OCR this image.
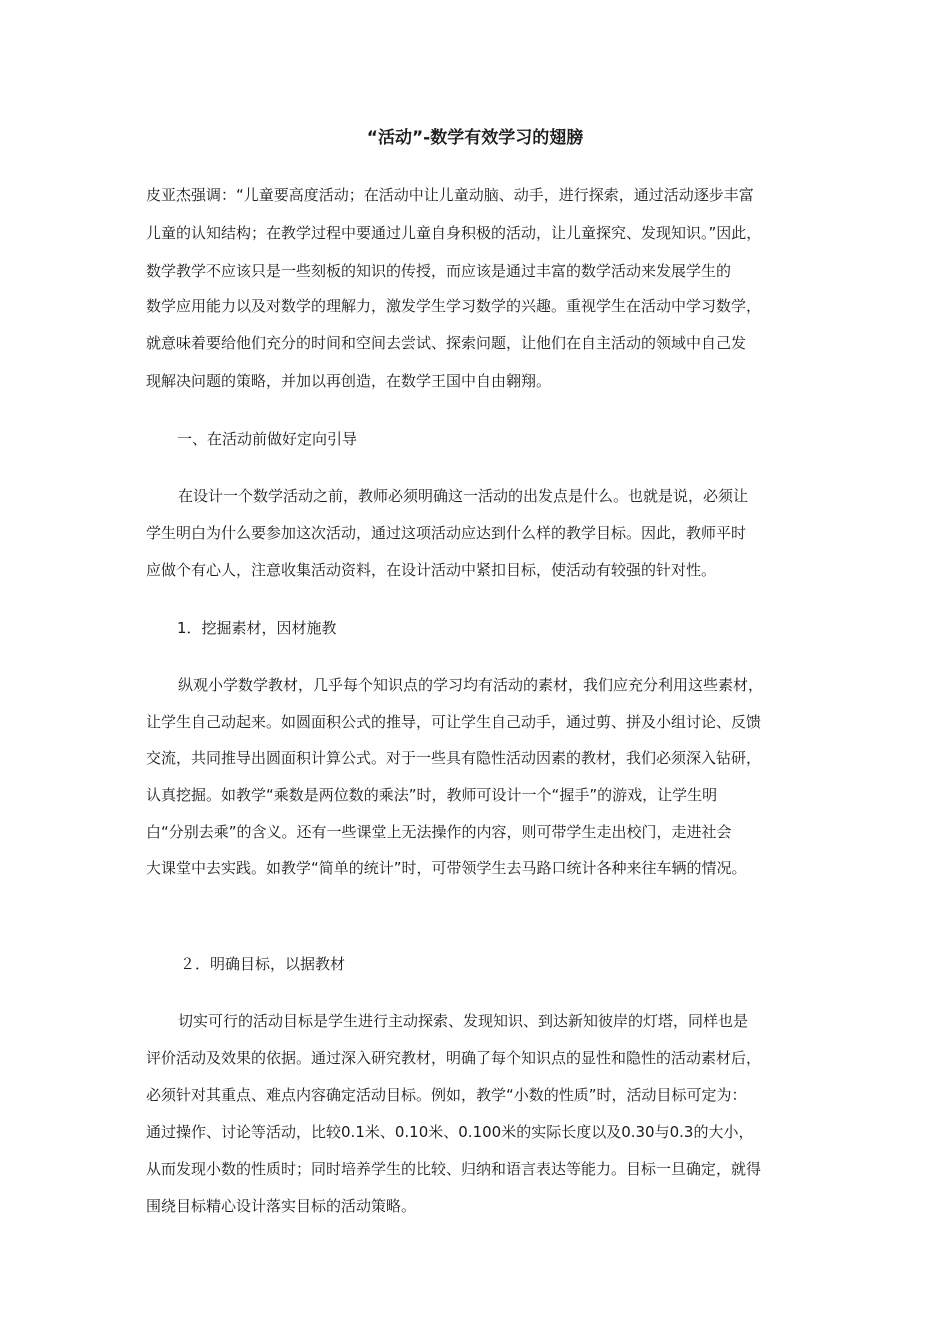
“活动”-数学有效学习的翅膀
皮亚杰强调：“儿童要高度活动；在活动中让儿童动脑、动手，进行探索，通过活动逐步丰富
儿童的认知结构；在教学过程中要通过儿童自身积极的活动，让儿童探究、发现知识。”因此，
数学教学不应该只是一些刻板的知识的传授，而应该是通过丰富的数学活动来发展学生的
数学应用能力以及对数学的理解力，激发学生学习数学的兴趣。重视学生在活动中学习数学，
就意味着要给他们充分的时间和空间去尝试、探索问题，让他们在自主活动的领域中自己发
现解决问题的策略，并加以再创造，在数学王国中自由翱翔。
一、在活动前做好定向引导
在设计一个数学活动之前，教师必须明确这一活动的出发点是什么。也就是说，必须让
学生明白为什么要参加这次活动，通过这项活动应达到什么样的教学目标。因此，教师平时
应做个有心人，注意收集活动资料，在设计活动中紧扣目标，使活动有较强的针对性。
1．挖掘素材，因材施教
纵观小学数学教材，几乎每个知识点的学习均有活动的素材，我们应充分利用这些素材，
让学生自己动起来。如圆面积公式的推导，可让学生自己动手，通过剪、拼及小组讨论、反馈
交流，共同推导出圆面积计算公式。对于一些具有隐性活动因素的教材，我们必须深入钻研，
认真挖掘。如教学“乘数是两位数的乘法”时，教师可设计一个“握手”的游戏，让学生明
白“分别去乘”的含义。还有一些课堂上无法操作的内容，则可带学生走出校门，走进社会
大课堂中去实践。如教学“简单的统计”时，可带领学生去马路口统计各种来往车辆的情况。
２．明确目标，以据教材
切实可行的活动目标是学生进行主动探索、发现知识、到达新知彼岸的灯塔，同样也是
评价活动及效果的依据。通过深入研究教材，明确了每个知识点的显性和隐性的活动素材后，
必须针对其重点、难点内容确定活动目标。例如，教学“小数的性质”时，活动目标可定为：
通过操作、讨论等活动，比较0.1米、0.10米、0.100米的实际长度以及0.30与0.3的大小，
从而发现小数的性质时；同时培养学生的比较、归纳和语言表达等能力。目标一旦确定，就得
围绕目标精心设计落实目标的活动策略。
